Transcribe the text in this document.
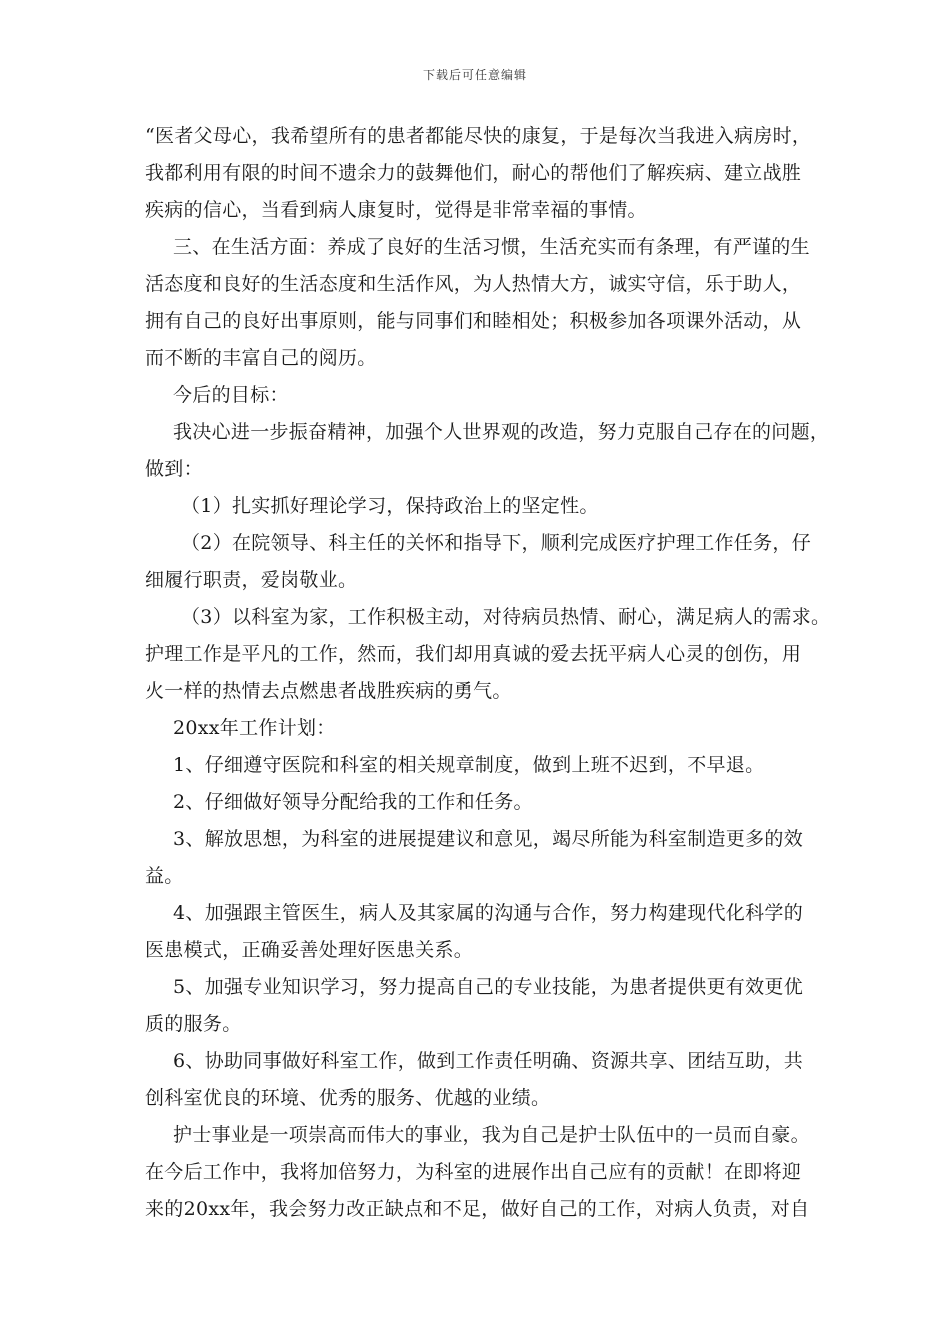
下载后可任意编辑
“医者父母心，我希望所有的患者都能尽快的康复，于是每次当我进入病房时，
我都利用有限的时间不遗余力的鼓舞他们，耐心的帮他们了解疾病、建立战胜
疾病的信心，当看到病人康复时，觉得是非常幸福的事情。
三、在生活方面：养成了良好的生活习惯，生活充实而有条理，有严谨的生
活态度和良好的生活态度和生活作风，为人热情大方，诚实守信，乐于助人，
拥有自己的良好出事原则，能与同事们和睦相处；积极参加各项课外活动，从
而不断的丰富自己的阅历。
今后的目标：
我决心进一步振奋精神，加强个人世界观的改造，努力克服自己存在的问题，
做到：
（1）扎实抓好理论学习，保持政治上的坚定性。
（2）在院领导、科主任的关怀和指导下，顺利完成医疗护理工作任务，仔
细履行职责，爱岗敬业。
（3）以科室为家，工作积极主动，对待病员热情、耐心，满足病人的需求。
护理工作是平凡的工作，然而，我们却用真诚的爱去抚平病人心灵的创伤，用
火一样的热情去点燃患者战胜疾病的勇气。
20xx年工作计划：
1、仔细遵守医院和科室的相关规章制度，做到上班不迟到，不早退。
2、仔细做好领导分配给我的工作和任务。
3、解放思想，为科室的进展提建议和意见，竭尽所能为科室制造更多的效
益。
4、加强跟主管医生，病人及其家属的沟通与合作，努力构建现代化科学的
医患模式，正确妥善处理好医患关系。
5、加强专业知识学习，努力提高自己的专业技能，为患者提供更有效更优
质的服务。
6、协助同事做好科室工作，做到工作责任明确、资源共享、团结互助，共
创科室优良的环境、优秀的服务、优越的业绩。
护士事业是一项崇高而伟大的事业，我为自己是护士队伍中的一员而自豪。
在今后工作中，我将加倍努力，为科室的进展作出自己应有的贡献！在即将迎
来的20xx年，我会努力改正缺点和不足，做好自己的工作，对病人负责，对自
